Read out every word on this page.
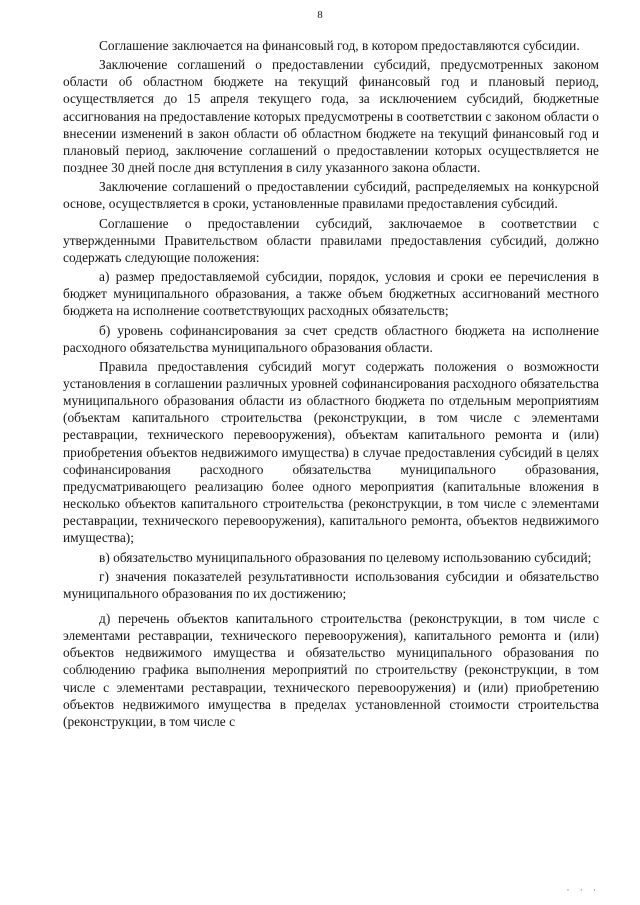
8

Соглашение заключается на финансовый год, в котором предоставляются субсидии.

Заключение соглашений о предоставлении субсидий, предусмотренных законом области об областном бюджете на текущий финансовый год и плановый период, осуществляется до 15 апреля текущего года, за исключением субсидий, бюджетные ассигнования на предоставление которых предусмотрены в соответствии с законом области о внесении изменений в закон области об областном бюджете на текущий финансовый год и плановый период, заключение соглашений о предоставлении которых осуществляется не позднее 30 дней после дня вступления в силу указанного закона области.

Заключение соглашений о предоставлении субсидий, распределяемых на конкурсной основе, осуществляется в сроки, установленные правилами предоставления субсидий.

Соглашение о предоставлении субсидий, заключаемое в соответствии с утвержденными Правительством области правилами предоставления субсидий, должно содержать следующие положения:

а) размер предоставляемой субсидии, порядок, условия и сроки ее перечисления в бюджет муниципального образования, а также объем бюджетных ассигнований местного бюджета на исполнение соответствующих расходных обязательств;

б) уровень софинансирования за счет средств областного бюджета на исполнение расходного обязательства муниципального образования области.

Правила предоставления субсидий могут содержать положения о возможности установления в соглашении различных уровней софинансирования расходного обязательства муниципального образования области из областного бюджета по отдельным мероприятиям (объектам капитального строительства (реконструкции, в том числе с элементами реставрации, технического перевооружения), объектам капитального ремонта и (или) приобретения объектов недвижимого имущества) в случае предоставления субсидий в целях софинансирования расходного обязательства муниципального образования, предусматривающего реализацию более одного мероприятия (капитальные вложения в несколько объектов капитального строительства (реконструкции, в том числе с элементами реставрации, технического перевооружения), капитального ремонта, объектов недвижимого имущества);

в) обязательство муниципального образования по целевому использованию субсидий;

г) значения показателей результативности использования субсидии и обязательство муниципального образования по их достижению;

д) перечень объектов капитального строительства (реконструкции, в том числе с элементами реставрации, технического перевооружения), капитального ремонта и (или) объектов недвижимого имущества и обязательство муниципального образования по соблюдению графика выполнения мероприятий по строительству (реконструкции, в том числе с элементами реставрации, технического перевооружения) и (или) приобретению объектов недвижимого имущества в пределах установленной стоимости строительства (реконструкции, в том числе с

· · ·
